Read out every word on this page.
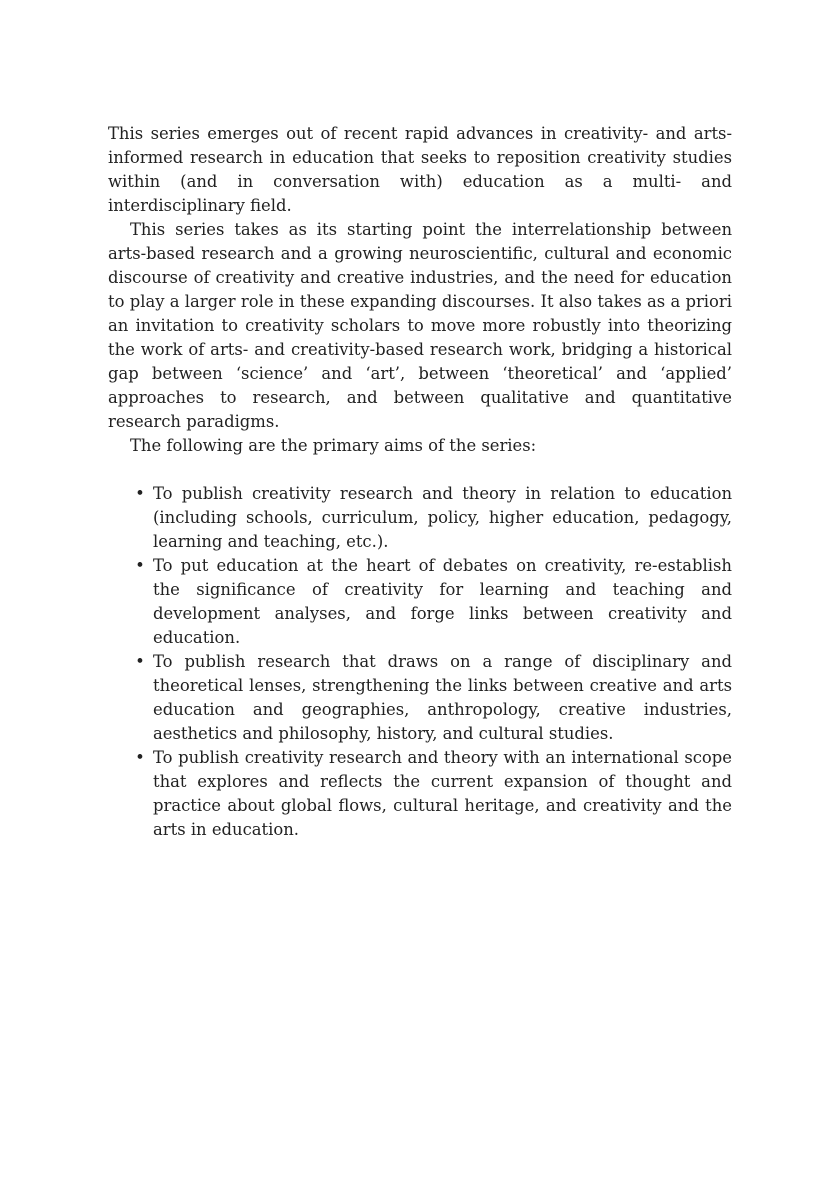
This series emerges out of recent rapid advances in creativity- and arts-informed research in education that seeks to reposition creativity studies within (and in conversation with) education as a multi- and interdisciplinary field.

This series takes as its starting point the interrelationship between arts-based research and a growing neuroscientific, cultural and economic discourse of creativity and creative industries, and the need for education to play a larger role in these expanding discourses. It also takes as a priori an invitation to creativity scholars to move more robustly into theorizing the work of arts- and creativity-based research work, bridging a historical gap between ‘science’ and ‘art’, between ‘theoretical’ and ‘applied’ approaches to research, and between qualitative and quantitative research paradigms.

The following are the primary aims of the series:

• To publish creativity research and theory in relation to education (including schools, curriculum, policy, higher education, pedagogy, learning and teaching, etc.).
• To put education at the heart of debates on creativity, re-establish the significance of creativity for learning and teaching and development analyses, and forge links between creativity and education.
• To publish research that draws on a range of disciplinary and theoretical lenses, strengthening the links between creative and arts education and geographies, anthropology, creative industries, aesthetics and philosophy, history, and cultural studies.
• To publish creativity research and theory with an international scope that explores and reflects the current expansion of thought and practice about global flows, cultural heritage, and creativity and the arts in education.
